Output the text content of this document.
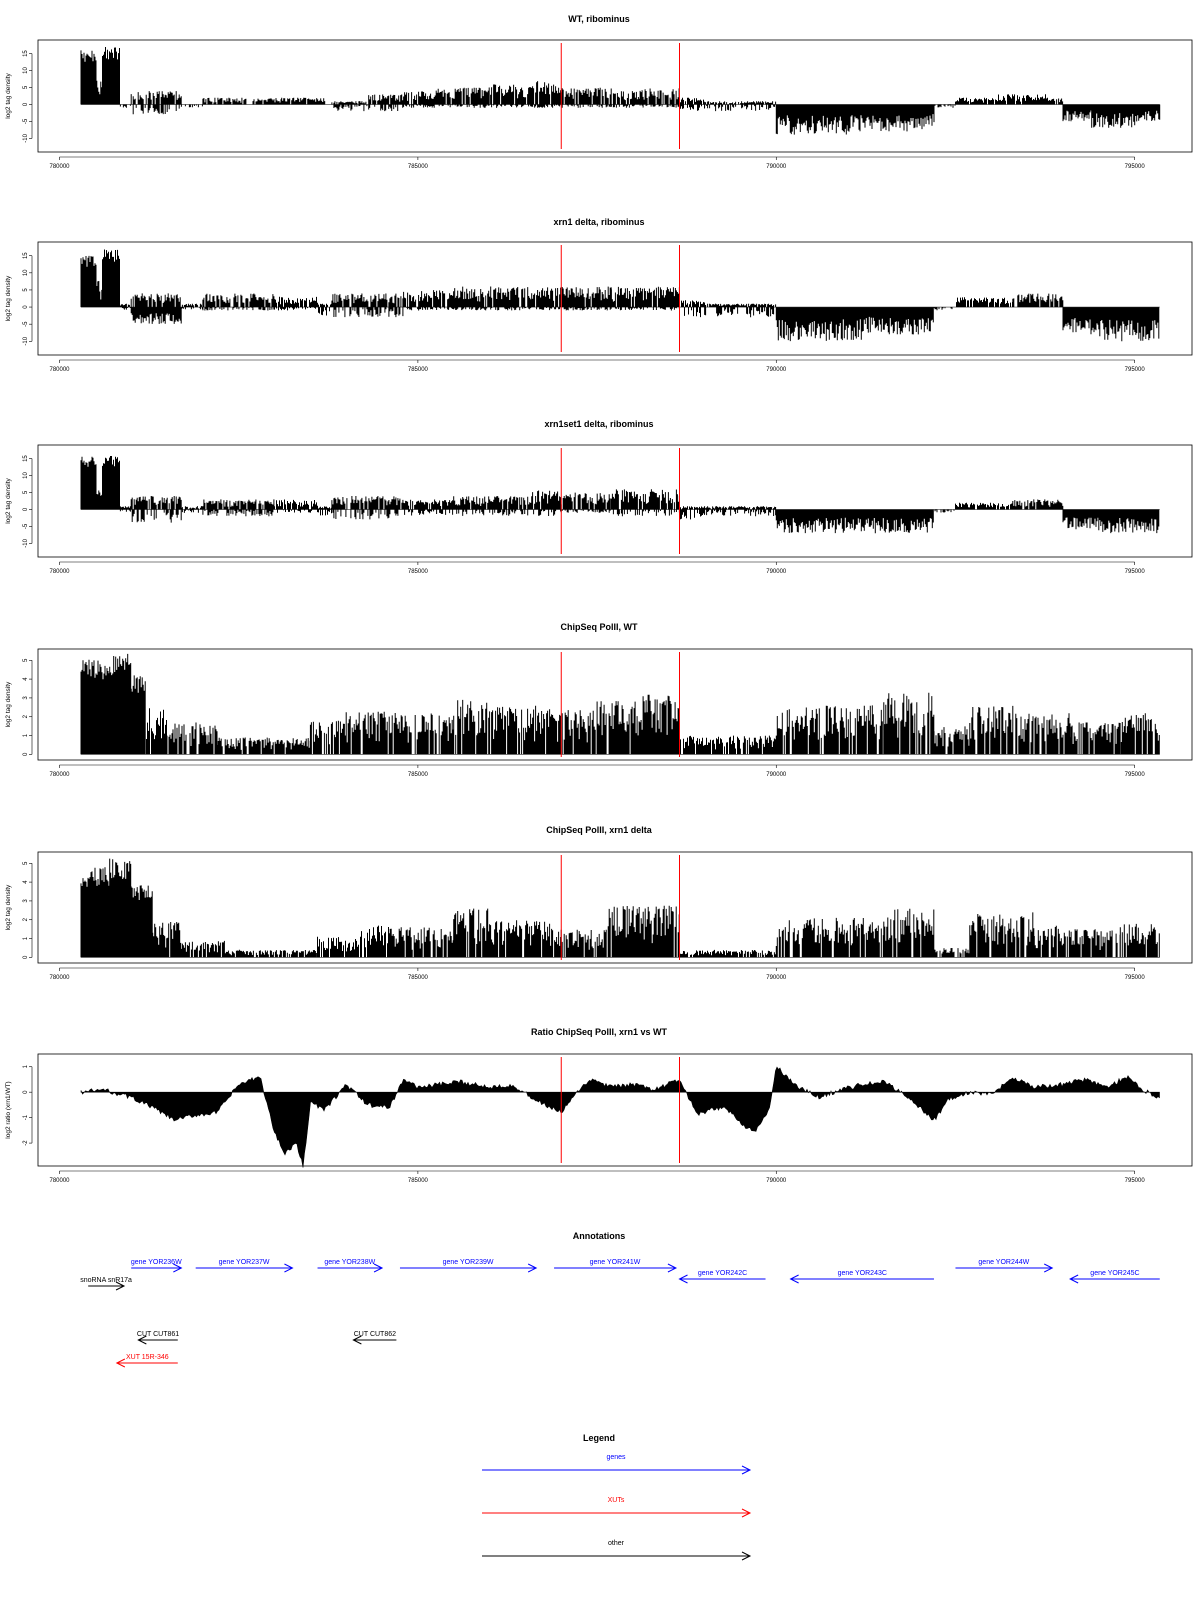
WT, ribominus
-10
-5
0
5
10
15
log2 tag density
780000	785000	790000	795000
xrn1 delta, ribominus
-10
-5
0
5
10
15
log2 tag density
780000	785000	790000	795000
xrn1set1 delta, ribominus
-10
-5
0
5
10
15
log2 tag density
780000	785000	790000	795000
ChipSeq PolII, WT
0
1
2
3
4
5
log2 tag density
780000	785000	790000	795000
ChipSeq PolII, xrn1 delta
0
1
2
3
4
5
log2 tag density
780000	785000	790000	795000
Ratio ChipSeq PolII, xrn1 vs WT
-2
-1
0
1
log2 ratio (xrn1/WT)
780000	785000	790000	795000
Annotations
gene YOR236W	gene YOR237W	gene YOR238W	gene YOR239W	gene YOR241W
gene YOR242C	gene YOR243C
gene YOR244W
gene YOR245C
snoRNA snR17a
CUT CUT861	CUT CUT862
XUT 15R-346
Legend
genes
XUTs
other
